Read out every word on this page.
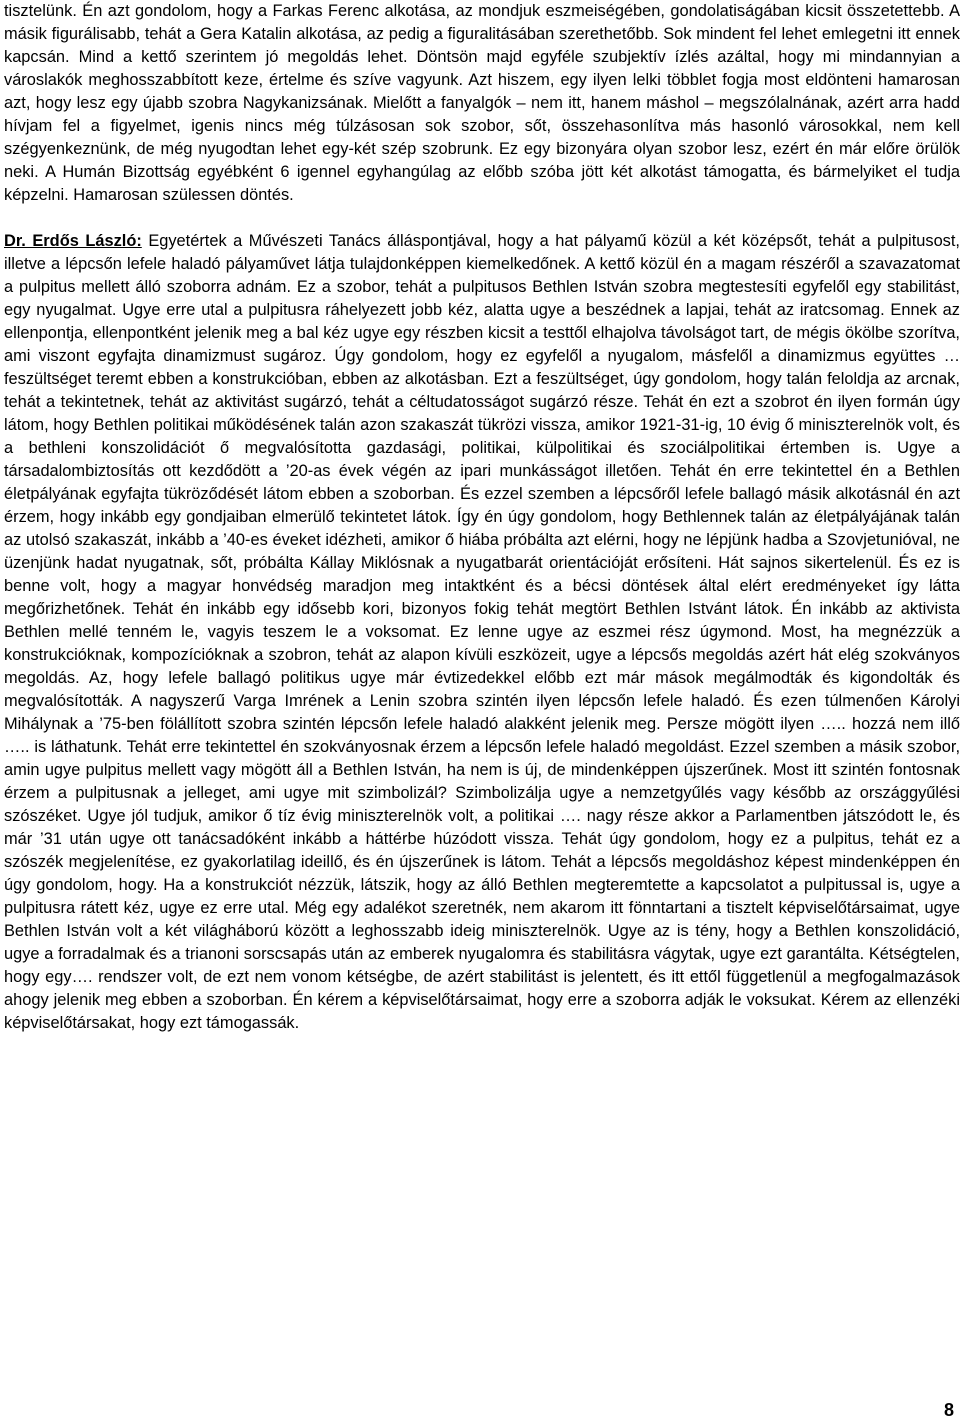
tisztelünk. Én azt gondolom, hogy a Farkas Ferenc alkotása, az mondjuk eszmeiségében, gondolatiságában kicsit összetettebb. A másik figurálisabb, tehát a Gera Katalin alkotása, az pedig a figuralitásában szerethetőbb. Sok mindent fel lehet emlegetni itt ennek kapcsán. Mind a kettő szerintem jó megoldás lehet. Döntsön majd egyféle szubjektív ízlés azáltal, hogy mi mindannyian a városlakók meghosszabbított keze, értelme és szíve vagyunk. Azt hiszem, egy ilyen lelki többlet fogja most eldönteni hamarosan azt, hogy lesz egy újabb szobra Nagykanizsának. Mielőtt a fanyalgók – nem itt, hanem máshol – megszólalnának, azért arra hadd hívjam fel a figyelmet, igenis nincs még túlzásosan sok szobor, sőt, összehasonlítva más hasonló városokkal, nem kell szégyenkeznünk, de még nyugodtan lehet egy-két szép szobrunk. Ez egy bizonyára olyan szobor lesz, ezért én már előre örülök neki. A Humán Bizottság egyébként 6 igennel egyhangúlag az előbb szóba jött két alkotást támogatta, és bármelyiket el tudja képzelni. Hamarosan szülessen döntés.

Dr. Erdős László: Egyetértek a Művészeti Tanács álláspontjával, hogy a hat pályamű közül a két középsőt, tehát a pulpitusost, illetve a lépcsőn lefele haladó pályaművet látja tulajdonképpen kiemelkedőnek. A kettő közül én a magam részéről a szavazatomat a pulpitus mellett álló szoborra adnám. Ez a szobor, tehát a pulpitusos Bethlen István szobra megtestesíti egyfelől egy stabilitást, egy nyugalmat. Ugye erre utal a pulpitusra ráhelyezett jobb kéz, alatta ugye a beszédnek a lapjai, tehát az iratcsomag. Ennek az ellenpontja, ellenpontként jelenik meg a bal kéz ugye egy részben kicsit a testtől elhajolva távolságot tart, de mégis ökölbe szorítva, ami viszont egyfajta dinamizmust sugároz. Úgy gondolom, hogy ez egyfelől a nyugalom, másfelől a dinamizmus együttes … feszültséget teremt ebben a konstrukcióban, ebben az alkotásban. Ezt a feszültséget, úgy gondolom, hogy talán feloldja az arcnak, tehát a tekintetnek, tehát az aktivitást sugárzó, tehát a céltudatosságot sugárzó része. Tehát én ezt a szobrot én ilyen formán úgy látom, hogy Bethlen politikai működésének talán azon szakaszát tükrözi vissza, amikor 1921-31-ig, 10 évig ő miniszterelnök volt, és a bethleni konszolidációt ő megvalósította gazdasági, politikai, külpolitikai és szociálpolitikai értemben is. Ugye a társadalombiztosítás ott kezdődött a ’20-as évek végén az ipari munkásságot illetően. Tehát én erre tekintettel én a Bethlen életpályának egyfajta tükröződését látom ebben a szoborban. És ezzel szemben a lépcsőről lefele ballagó másik alkotásnál én azt érzem, hogy inkább egy gondjaiban elmerülő tekintetet látok. Így én úgy gondolom, hogy Bethlennek talán az életpályájának talán az utolsó szakaszát, inkább a ’40-es éveket idézheti, amikor ő hiába próbálta azt elérni, hogy ne lépjünk hadba a Szovjetunióval, ne üzenjünk hadat nyugatnak, sőt, próbálta Kállay Miklósnak a nyugatbarát orientációját erősíteni. Hát sajnos sikertelenül. És ez is benne volt, hogy a magyar honvédség maradjon meg intaktként és a bécsi döntések által elért eredményeket így látta megőrizhetőnek. Tehát én inkább egy idősebb kori, bizonyos fokig tehát megtört Bethlen Istvánt látok. Én inkább az aktivista Bethlen mellé tenném le, vagyis teszem le a voksomat. Ez lenne ugye az eszmei rész úgymond. Most, ha megnézzük a konstrukcióknak, kompozícióknak a szobron, tehát az alapon kívüli eszközeit, ugye a lépcsős megoldás azért hát elég szokványos megoldás. Az, hogy lefele ballagó politikus ugye már évtizedekkel előbb ezt már mások megálmodták és kigondolták és megvalósították. A nagyszerű Varga Imrének a Lenin szobra szintén ilyen lépcsőn lefele haladó. És ezen túlmenően Károlyi Mihálynak a ’75-ben fölállított szobra szintén lépcsőn lefele haladó alakként jelenik meg. Persze mögött ilyen ….. hozzá nem illő ….. is láthatunk. Tehát erre tekintettel én szokványosnak érzem a lépcsőn lefele haladó megoldást. Ezzel szemben a másik szobor, amin ugye pulpitus mellett vagy mögött áll a Bethlen István, ha nem is új, de mindenképpen újszerűnek. Most itt szintén fontosnak érzem a pulpitusnak a jelleget, ami ugye mit szimbolizál? Szimbolizálja ugye a nemzetgyűlés vagy később az országgyűlési szószéket. Ugye jól tudjuk, amikor ő tíz évig miniszterelnök volt, a politikai …. nagy része akkor a Parlamentben játszódott le, és már ’31 után ugye ott tanácsadóként inkább a háttérbe húzódott vissza. Tehát úgy gondolom, hogy ez a pulpitus, tehát ez a szószék megjelenítése, ez gyakorlatilag ideillő, és én újszerűnek is látom. Tehát a lépcsős megoldáshoz képest mindenképpen én úgy gondolom, hogy. Ha a konstrukciót nézzük, látszik, hogy az álló Bethlen megteremtette a kapcsolatot a pulpitussal is, ugye a pulpitusra rátett kéz, ugye ez erre utal. Még egy adalékot szeretnék, nem akarom itt fönntartani a tisztelt képviselőtársaimat, ugye Bethlen István volt a két világháború között a leghosszabb ideig miniszterelnök. Ugye az is tény, hogy a Bethlen konszolidáció, ugye a forradalmak és a trianoni sorscsapás után az emberek nyugalomra és stabilitásra vágytak, ugye ezt garantálta. Kétségtelen, hogy egy…. rendszer volt, de ezt nem vonom kétségbe, de azért stabilitást is jelentett, és itt ettől függetlenül a megfogalmazások ahogy jelenik meg ebben a szoborban. Én kérem a képviselőtársaimat, hogy erre a szoborra adják le voksukat. Kérem az ellenzéki képviselőtársakat, hogy ezt támogassák.

8
